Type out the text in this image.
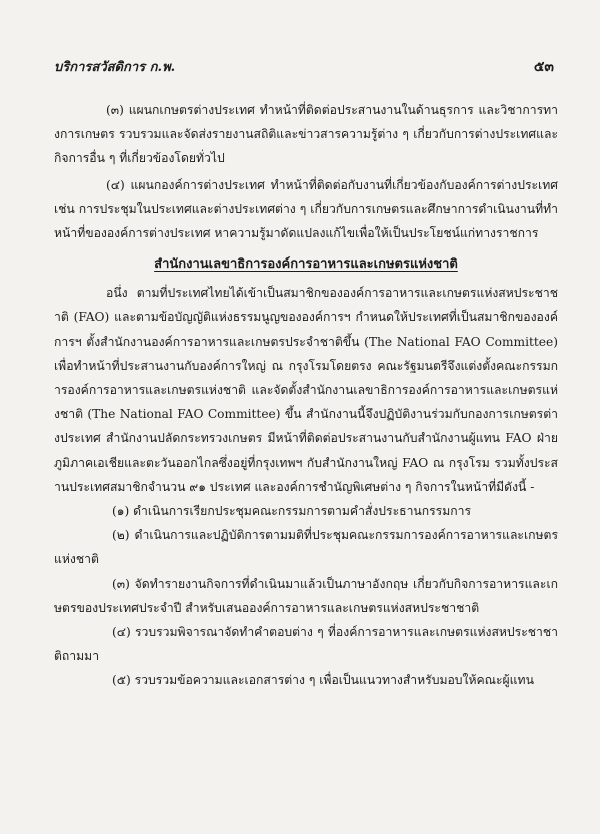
บริการสวัสดิการ ก.พ.	๕๓

(๓) แผนกเกษตรต่างประเทศ ทำหน้าที่ติดต่อประสานงานในด้านธุรการ และวิชาการทางการเกษตร รวบรวมและจัดส่งรายงานสถิติและข่าวสารความรู้ต่าง ๆ เกี่ยวกับการต่างประเทศและกิจการอื่น ๆ ที่เกี่ยวข้องโดยทั่วไป

(๔) แผนกองค์การต่างประเทศ ทำหน้าที่ติดต่อกับงานที่เกี่ยวข้องกับองค์การต่างประเทศ เช่น การประชุมในประเทศและต่างประเทศต่าง ๆ เกี่ยวกับการเกษตรและศึกษาการดำเนินงานที่ทำหน้าที่ขององค์การต่างประเทศ หาความรู้มาดัดแปลงแก้ไขเพื่อให้เป็นประโยชน์แก่ทางราชการ

สำนักงานเลขาธิการองค์การอาหารและเกษตรแห่งชาติ

อนึ่ง ตามที่ประเทศไทยได้เข้าเป็นสมาชิกขององค์การอาหารและเกษตรแห่งสหประชาชาติ (FAO) และตามข้อบัญญัติแห่งธรรมนูญขององค์การฯ กำหนดให้ประเทศที่เป็นสมาชิกขององค์การฯ ตั้งสำนักงานองค์การอาหารและเกษตรประจำชาติขึ้น (The National FAO Committee) เพื่อทำหน้าที่ประสานงานกับองค์การใหญ่ ณ กรุงโรมโดยตรง คณะรัฐมนตรีจึงแต่งตั้งคณะกรรมการองค์การอาหารและเกษตรแห่งชาติ และจัดตั้งสำนักงานเลขาธิการองค์การอาหารและเกษตรแห่งชาติ (The National FAO Committee) ขึ้น สำนักงานนี้จึงปฏิบัติงานร่วมกับกองการเกษตรต่างประเทศ สำนักงานปลัดกระทรวงเกษตร มีหน้าที่ติดต่อประสานงานกับสำนักงานผู้แทน FAO ฝ่ายภูมิภาคเอเชียและตะวันออกไกลซึ่งอยู่ที่กรุงเทพฯ กับสำนักงานใหญ่ FAO ณ กรุงโรม รวมทั้งประสานประเทศสมาชิกจำนวน ๙๑ ประเทศ และองค์การชำนัญพิเศษต่าง ๆ กิจการในหน้าที่มีดังนี้ -

(๑) ดำเนินการเรียกประชุมคณะกรรมการตามคำสั่งประธานกรรมการ

(๒) ดำเนินการและปฏิบัติการตามมติที่ประชุมคณะกรรมการองค์การอาหารและเกษตรแห่งชาติ

(๓) จัดทำรายงานกิจการที่ดำเนินมาแล้วเป็นภาษาอังกฤษ เกี่ยวกับกิจการอาหารและเกษตรของประเทศประจำปี สำหรับเสนอองค์การอาหารและเกษตรแห่งสหประชาชาติ

(๔) รวบรวมพิจารณาจัดทำคำตอบต่าง ๆ ที่องค์การอาหารและเกษตรแห่งสหประชาชาติถามมา

(๕) รวบรวมข้อความและเอกสารต่าง ๆ เพื่อเป็นแนวทางสำหรับมอบให้คณะผู้แทน
